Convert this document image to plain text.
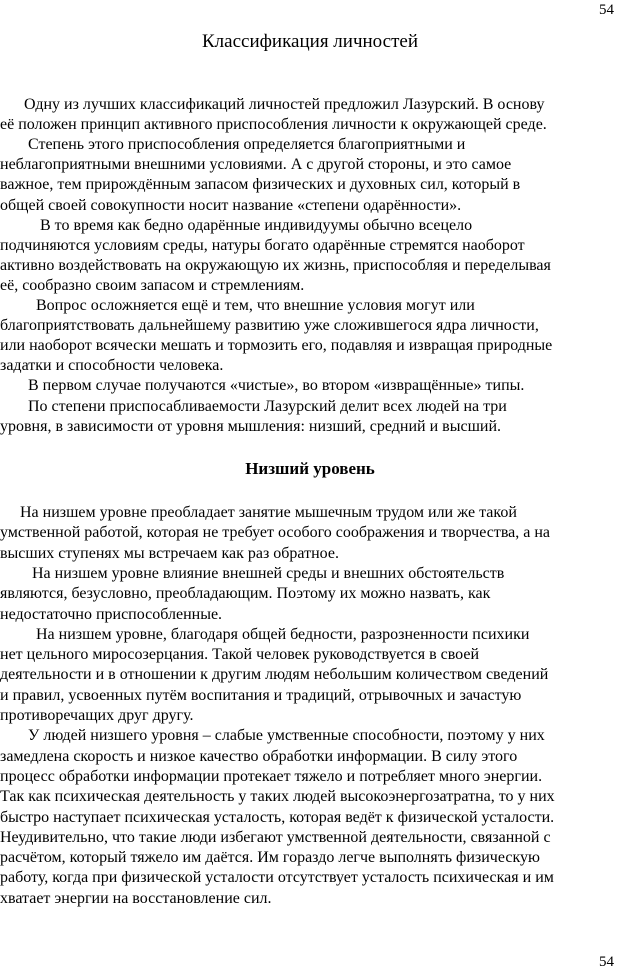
54
Классификация личностей
Одну из лучших классификаций личностей предложил Лазурский. В основу
её положен принцип активного приспособления личности к окружающей среде.
Степень этого приспособления определяется благоприятными и
неблагоприятными внешними условиями. А с другой стороны, и это самое
важное, тем прирождённым запасом физических и духовных сил, который в
общей своей совокупности носит название «степени одарённости».
В то время как бедно одарённые индивидуумы обычно всецело
подчиняются условиям среды, натуры богато одарённые стремятся наоборот
активно воздействовать на окружающую их жизнь, приспособляя и переделывая
её, сообразно своим запасом и стремлениям.
Вопрос осложняется ещё и тем, что внешние условия могут или
благоприятствовать дальнейшему развитию уже сложившегося ядра личности,
или наоборот всячески мешать и тормозить его, подавляя и извращая природные
задатки и способности человека.
В первом случае получаются «чистые», во втором «извращённые» типы.
По степени приспосабливаемости Лазурский делит всех людей на три
уровня, в зависимости от уровня мышления: низший, средний и высший.
Низший уровень
На низшем уровне преобладает занятие мышечным трудом или же такой
умственной работой, которая не требует особого соображения и творчества, а на
высших ступенях мы встречаем как раз обратное.
На низшем уровне влияние внешней среды и внешних обстоятельств
являются, безусловно, преобладающим. Поэтому их можно назвать, как
недостаточно приспособленные.
На низшем уровне, благодаря общей бедности, разрозненности психики
нет цельного миросозерцания. Такой человек руководствуется в своей
деятельности и в отношении к другим людям небольшим количеством сведений
и правил, усвоенных путём воспитания и традиций, отрывочных и зачастую
противоречащих друг другу.
У людей низшего уровня – слабые умственные способности, поэтому у них
замедлена скорость и низкое качество обработки информации. В силу этого
процесс обработки информации протекает тяжело и потребляет много энергии.
Так как психическая деятельность у таких людей высокоэнергозатратна, то у них
быстро наступает психическая усталость, которая ведёт к физической усталости.
Неудивительно, что такие люди избегают умственной деятельности, связанной с
расчётом, который тяжело им даётся. Им гораздо легче выполнять физическую
работу, когда при физической усталости отсутствует усталость психическая и им
хватает энергии на восстановление сил.
54
